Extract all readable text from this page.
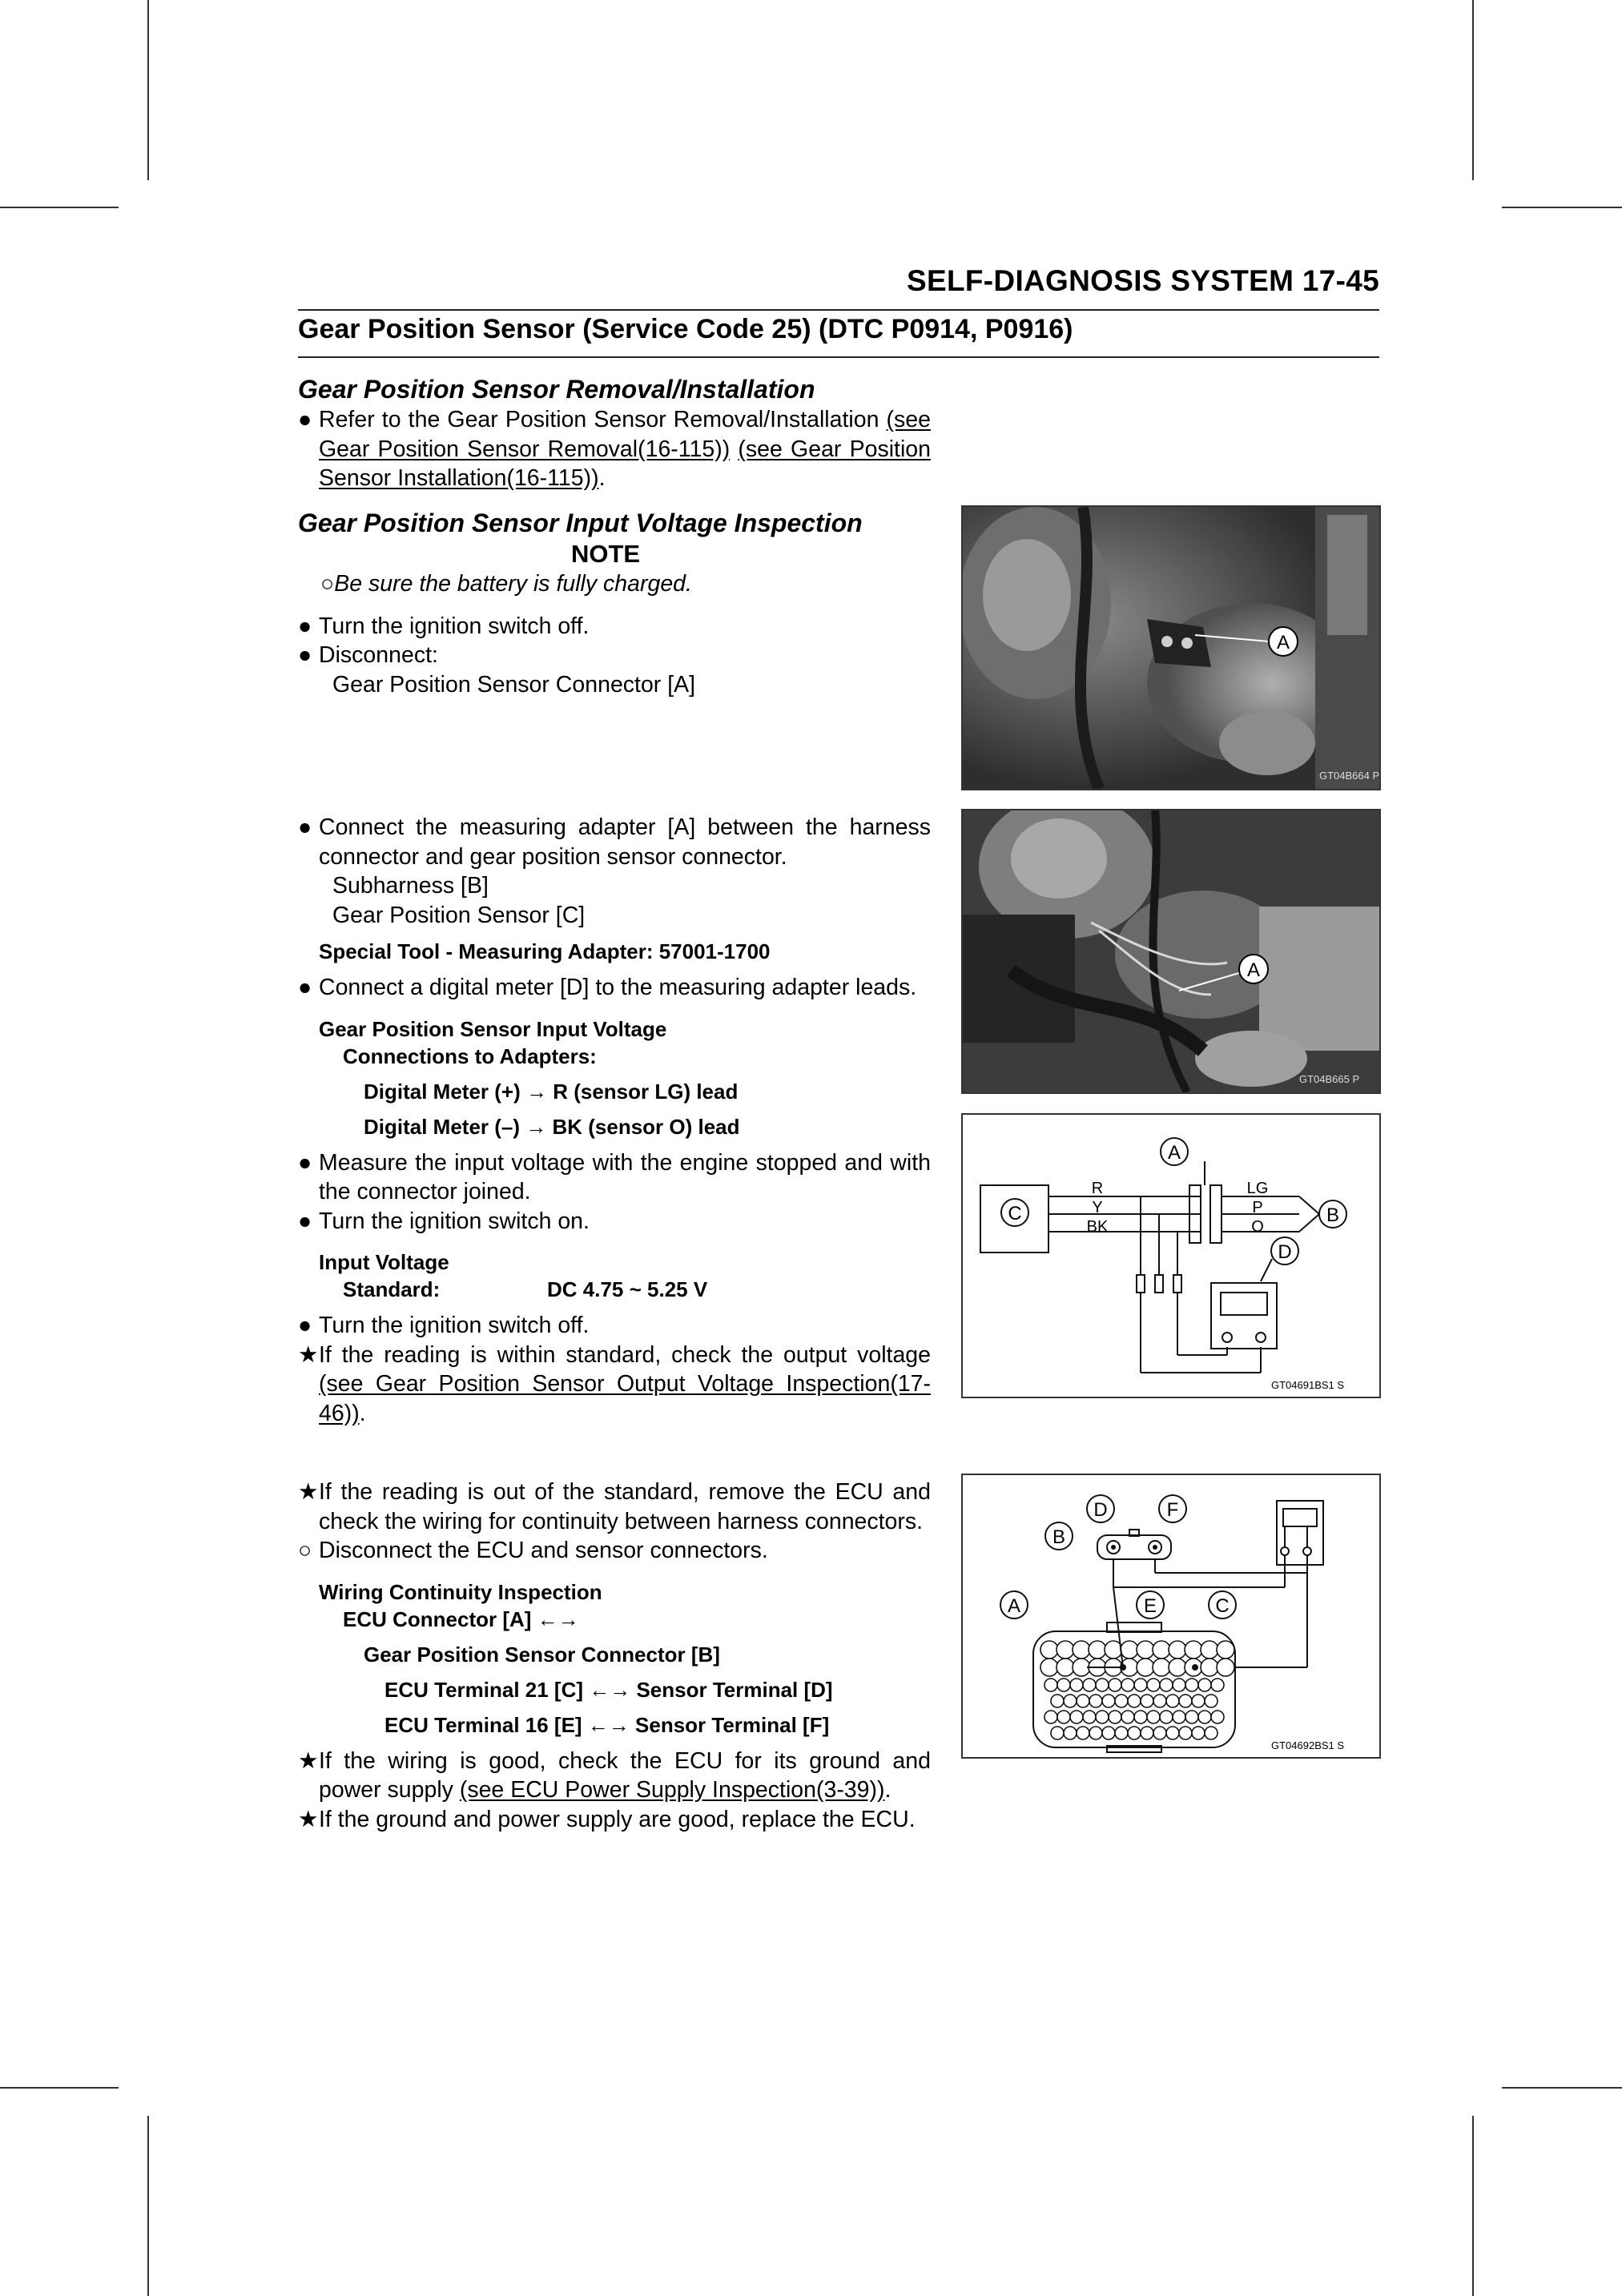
SELF-DIAGNOSIS SYSTEM 17-45
Gear Position Sensor (Service Code 25) (DTC P0914, P0916)

Gear Position Sensor Removal/Installation

● Refer to the Gear Position Sensor Removal/Installation (see Gear Position Sensor Removal(16-115)) (see Gear Position Sensor Installation(16-115)).

Gear Position Sensor Input Voltage Inspection

NOTE
○Be sure the battery is fully charged.
● Turn the ignition switch off.
● Disconnect:
Gear Position Sensor Connector [A]
● Connect the measuring adapter [A] between the harness connector and gear position sensor connector.
Subharness [B]
Gear Position Sensor [C]
Special Tool - Measuring Adapter: 57001-1700
● Connect a digital meter [D] to the measuring adapter leads.
Gear Position Sensor Input Voltage
Connections to Adapters:
Digital Meter (+) → R (sensor LG) lead
Digital Meter (–) → BK (sensor O) lead
● Measure the input voltage with the engine stopped and with the connector joined.
● Turn the ignition switch on.
Input Voltage
Standard:	DC 4.75 ~ 5.25 V
● Turn the ignition switch off.
★ If the reading is within standard, check the output voltage (see Gear Position Sensor Output Voltage Inspection(17-46)).
★ If the reading is out of the standard, remove the ECU and check the wiring for continuity between harness connectors.
○ Disconnect the ECU and sensor connectors.
Wiring Continuity Inspection
ECU Connector [A] ←→
Gear Position Sensor Connector [B]
ECU Terminal 21 [C] ←→ Sensor Terminal [D]
ECU Terminal 16 [E] ←→ Sensor Terminal [F]
★ If the wiring is good, check the ECU for its ground and power supply (see ECU Power Supply Inspection(3-39)).
★ If the ground and power supply are good, replace the ECU.
A
GT04B664 P
A
GT04B665 P
C
A
B
D
R
Y
BK
LG
P
O
GT04691BS1 S
D	F
B
A	E	C
GT04692BS1 S
